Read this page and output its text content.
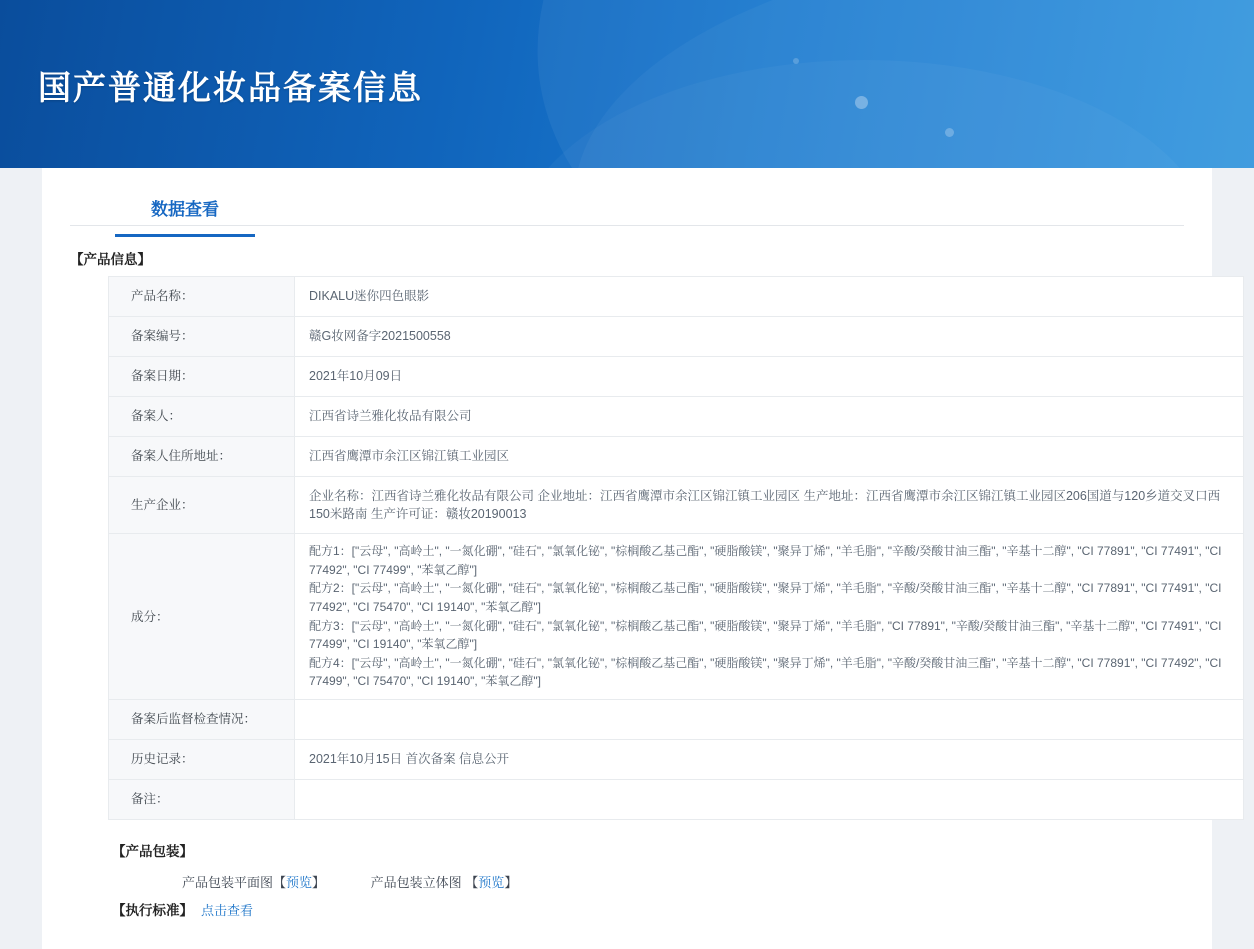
国产普通化妆品备案信息
数据查看
【产品信息】
产品名称：	DIKALU迷你四色眼影
备案编号：	赣G妆网备字2021500558
备案日期：	2021年10月09日
备案人：	江西省诗兰雅化妆品有限公司
备案人住所地址：	江西省鹰潭市余江区锦江镇工业园区
生产企业：	企业名称：江西省诗兰雅化妆品有限公司 企业地址：江西省鹰潭市余江区锦江镇工业园区 生产地址：江西省鹰潭市余江区锦江镇工业园区206国道与120乡道交叉口西150米路南 生产许可证：赣妆20190013
成分：	配方1：["云母", "高岭土", "一氮化硼", "硅石", "氯氧化铋", "棕榈酸乙基己酯", "硬脂酸镁", "聚异丁烯", "羊毛脂", "辛酸/癸酸甘油三酯", "辛基十二醇", "CI 77891", "CI 77491", "CI 77492", "CI 77499", "苯氧乙醇"]
配方2：["云母", "高岭土", "一氮化硼", "硅石", "氯氧化铋", "棕榈酸乙基己酯", "硬脂酸镁", "聚异丁烯", "羊毛脂", "辛酸/癸酸甘油三酯", "辛基十二醇", "CI 77891", "CI 77491", "CI 77492", "CI 75470", "CI 19140", "苯氧乙醇"]
配方3：["云母", "高岭土", "一氮化硼", "硅石", "氯氧化铋", "棕榈酸乙基己酯", "硬脂酸镁", "聚异丁烯", "羊毛脂", "CI 77891", "辛酸/癸酸甘油三酯", "辛基十二醇", "CI 77491", "CI 77499", "CI 19140", "苯氧乙醇"]
配方4：["云母", "高岭土", "一氮化硼", "硅石", "氯氧化铋", "棕榈酸乙基己酯", "硬脂酸镁", "聚异丁烯", "羊毛脂", "辛酸/癸酸甘油三酯", "辛基十二醇", "CI 77891", "CI 77492", "CI 77499", "CI 75470", "CI 19140", "苯氧乙醇"]

备案后监督检查情况：	
历史记录：	2021年10月15日 首次备案 信息公开
备注：	
【产品包装】
产品包装平面图【预览】	产品包装立体图 【预览】
【执行标准】 点击查看
